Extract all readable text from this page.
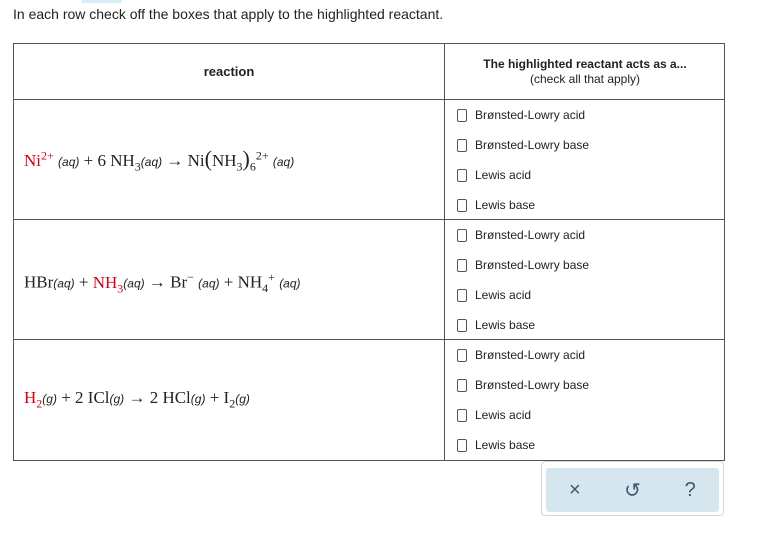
In each row check off the boxes that apply to the highlighted reactant.
reaction
The highlighted reactant acts as a...
(check all that apply)
$Ni^{2+}$ (aq) + 6 $NH_3(aq) \to Ni(NH_3)_6^{2+}$ (aq)
$HBr(aq) + NH_3(aq) \to Br^-$ $(aq) + NH_4^+$ (aq)
$H_2(g) + 2$ ICl(g) → 2 $HCl(g) + I_2(g)$
Brønsted-Lowry acid
Brønsted-Lowry base
Lewis acid
Lewis base
Brønsted-Lowry acid
Brønsted-Lowry base
Lewis acid
Lewis base
Brønsted-Lowry acid
Brønsted-Lowry base
Lewis acid
Lewis base
× ↺ ?
